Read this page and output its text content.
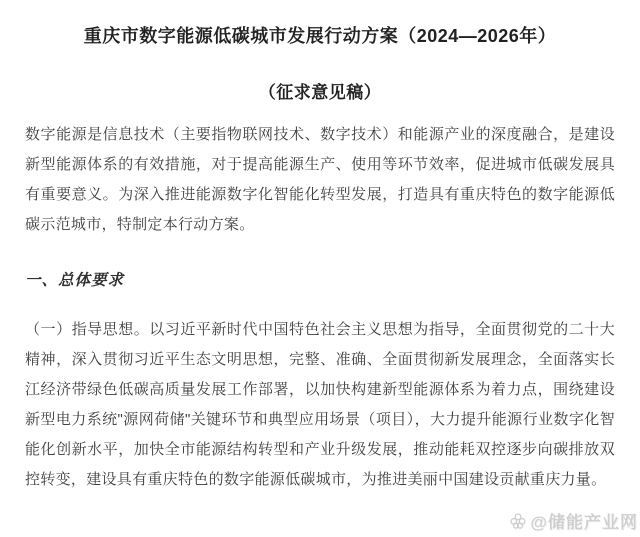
重庆市数字能源低碳城市发展行动方案（2024—2026年）
（征求意见稿）

数字能源是信息技术（主要指物联网技术、数字技术）和能源产业的深度融合，是建设新型能源体系的有效措施，对于提高能源生产、使用等环节效率，促进城市低碳发展具有重要意义。为深入推进能源数字化智能化转型发展，打造具有重庆特色的数字能源低碳示范城市，特制定本行动方案。

一、总体要求

（一）指导思想。以习近平新时代中国特色社会主义思想为指导，全面贯彻党的二十大精神，深入贯彻习近平生态文明思想，完整、准确、全面贯彻新发展理念，全面落实长江经济带绿色低碳高质量发展工作部署，以加快构建新型能源体系为着力点，围绕建设新型电力系统"源网荷储"关键环节和典型应用场景（项目），大力提升能源行业数字化智能化创新水平，加快全市能源结构转型和产业升级发展，推动能耗双控逐步向碳排放双控转变，建设具有重庆特色的数字能源低碳城市，为推进美丽中国建设贡献重庆力量。

@储能产业网
